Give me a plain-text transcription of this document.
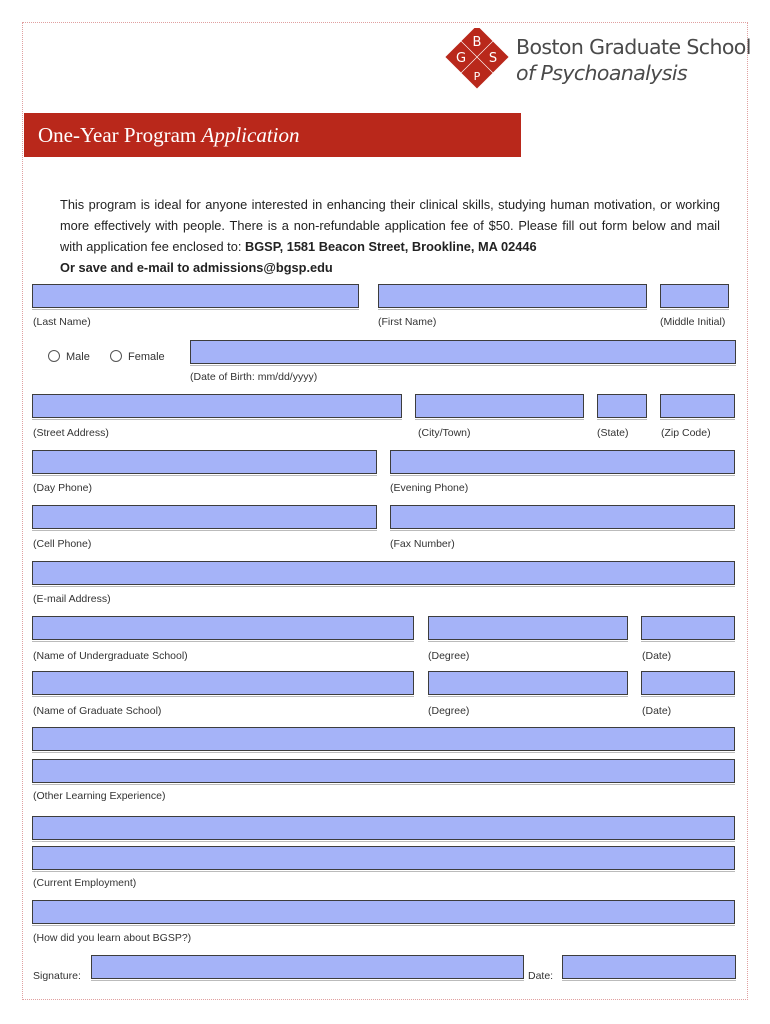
B
G S
P
Boston Graduate School
of Psychoanalysis
One-Year Program Application
This program is ideal for anyone interested in enhancing their clinical skills, studying human motivation, or working more effectively with people. There is a non-refundable application fee of $50. Please fill out form below and mail with application fee enclosed to: BGSP, 1581 Beacon Street, Brookline, MA 02446
Or save and e-mail to admissions@bgsp.edu
(Last Name)	(First Name)	(Middle Initial)
Male	Female
(Date of Birth: mm/dd/yyyy)
(Street Address)	(City/Town)	(State)	(Zip Code)
(Day Phone)	(Evening Phone)
(Cell Phone)	(Fax Number)
(E-mail Address)
(Name of Undergraduate School)	(Degree)	(Date)
(Name of Graduate School)	(Degree)	(Date)
(Other Learning Experience)
(Current Employment)
(How did you learn about BGSP?)
Signature:	Date:
